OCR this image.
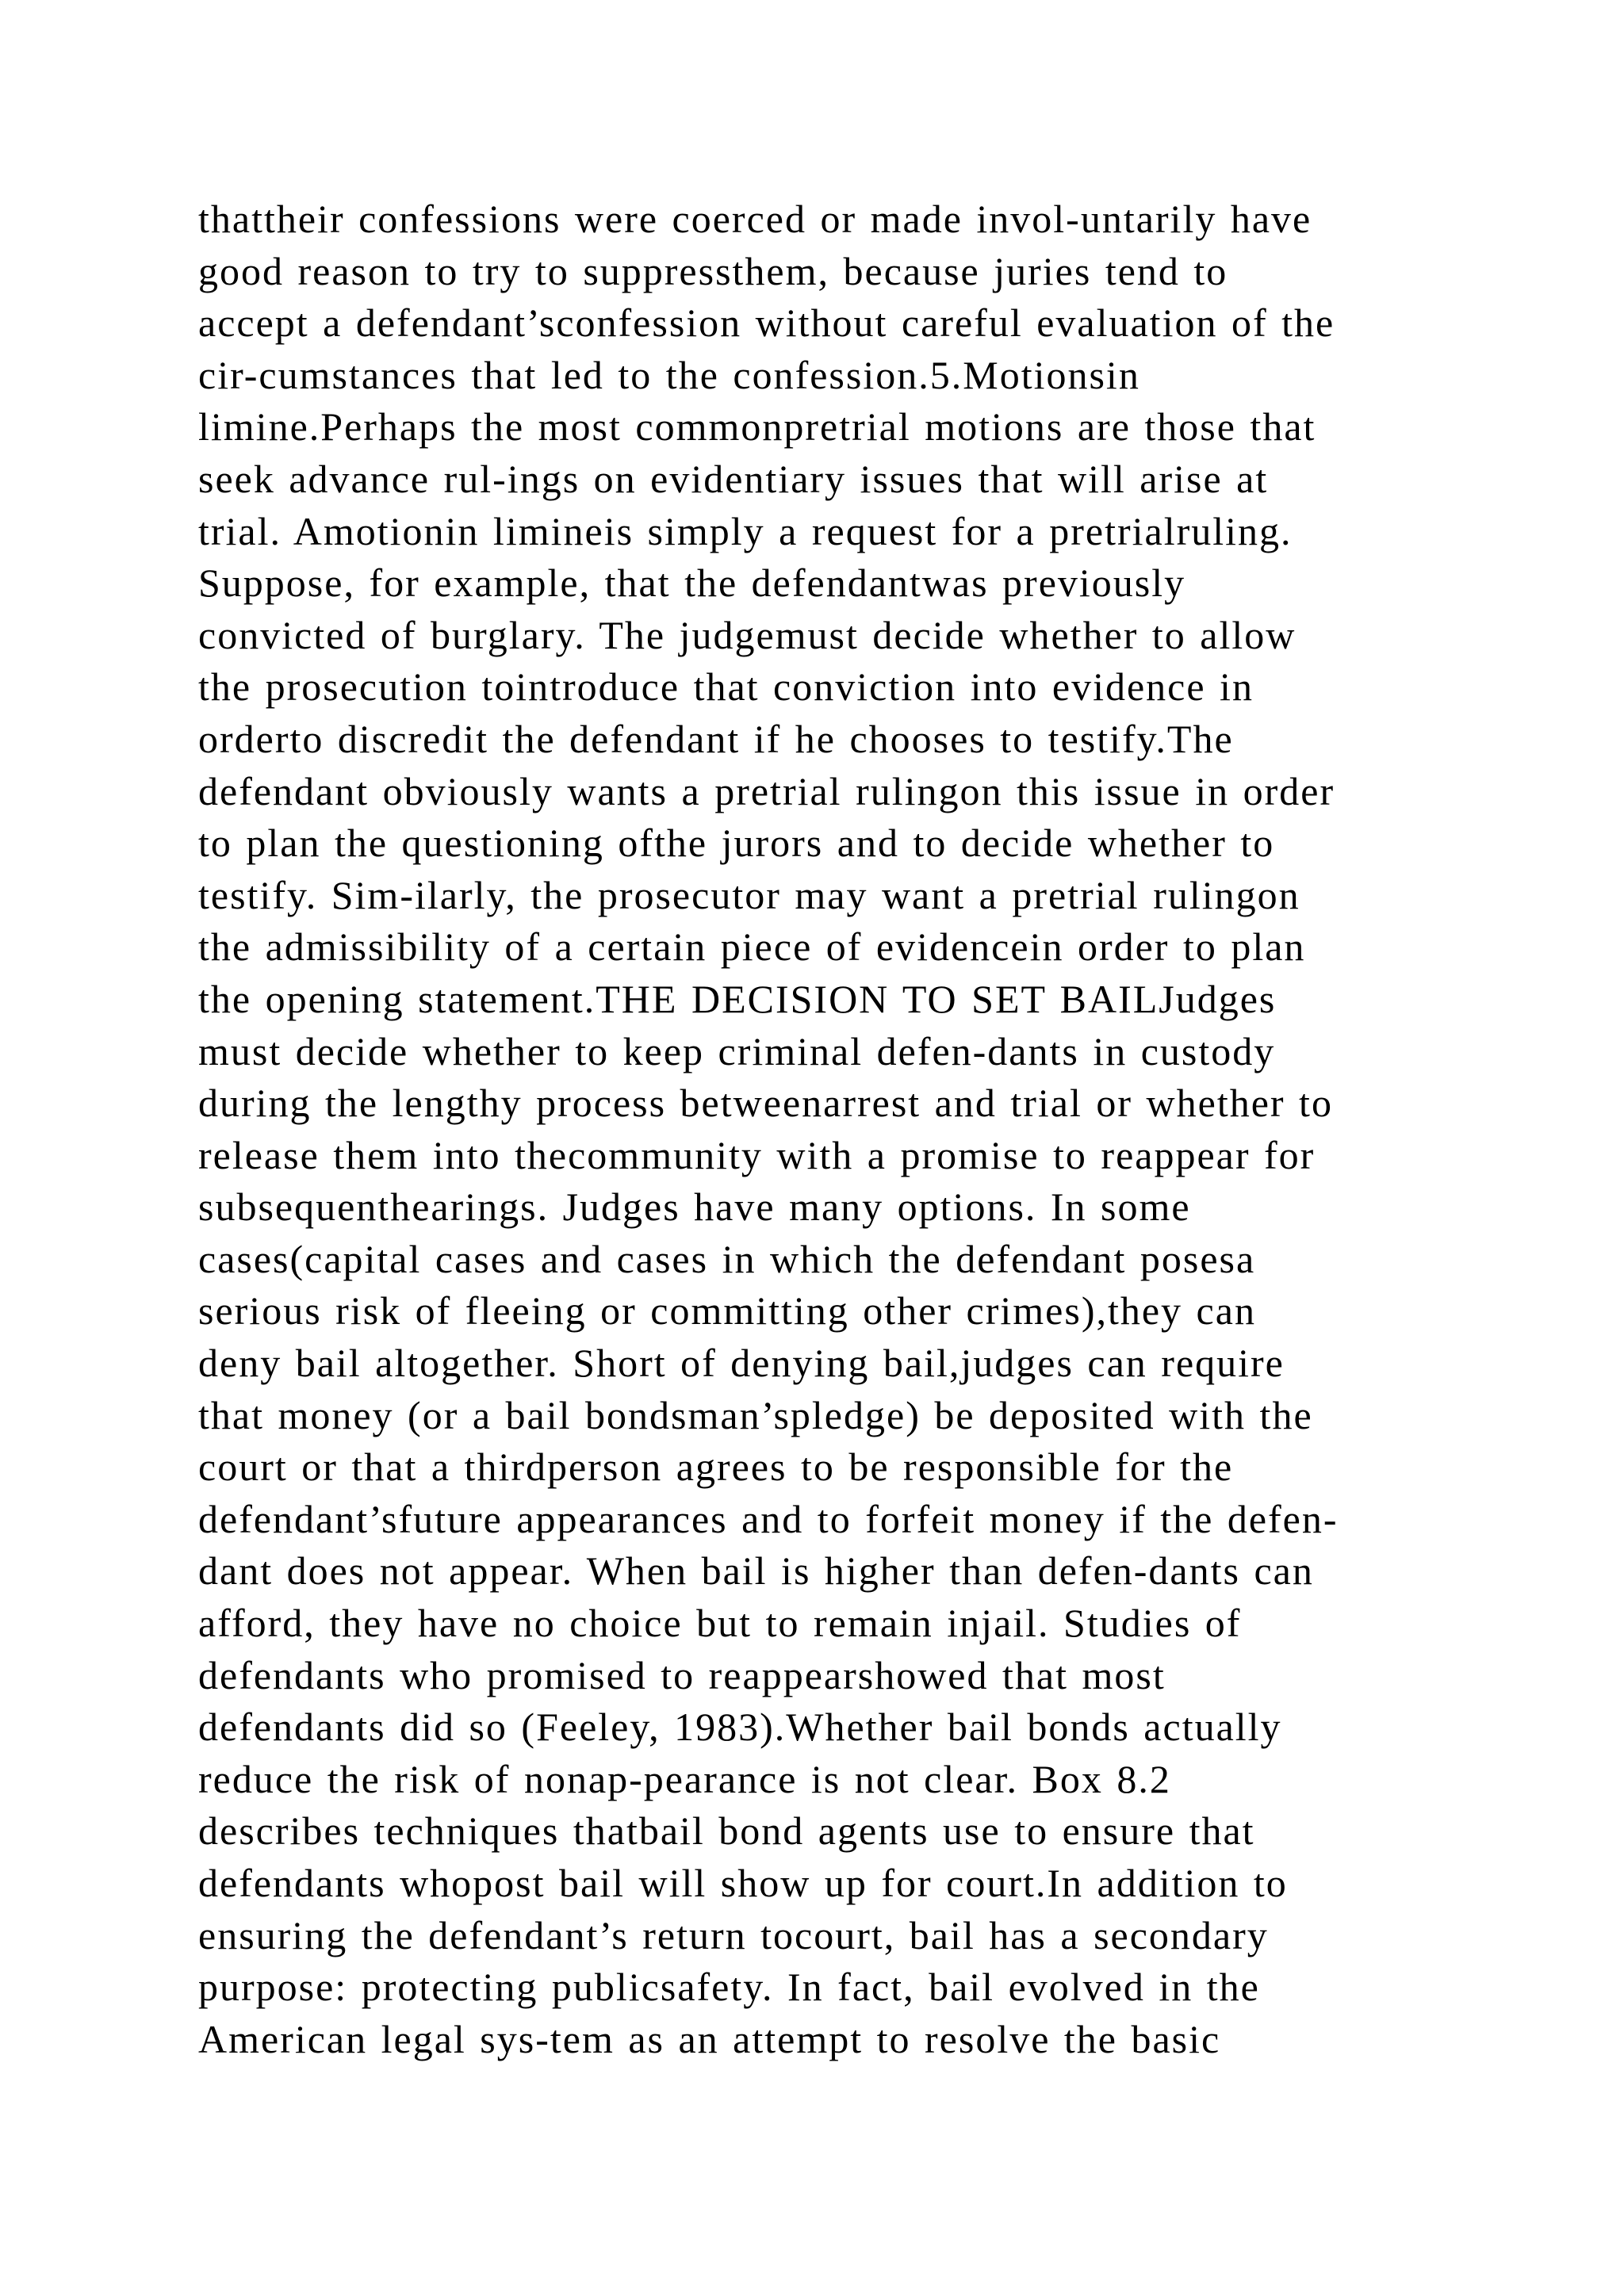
thattheir confessions were coerced or made invol-untarily have
good reason to try to suppressthem, because juries tend to
accept a defendant’sconfession without careful evaluation of the
cir-cumstances that led to the confession.5.Motionsin
limine.Perhaps the most commonpretrial motions are those that
seek advance rul-ings on evidentiary issues that will arise at
trial. Amotionin limineis simply a request for a pretrialruling.
Suppose, for example, that the defendantwas previously
convicted of burglary. The judgemust decide whether to allow
the prosecution tointroduce that conviction into evidence in
orderto discredit the defendant if he chooses to testify.The
defendant obviously wants a pretrial rulingon this issue in order
to plan the questioning ofthe jurors and to decide whether to
testify. Sim-ilarly, the prosecutor may want a pretrial rulingon
the admissibility of a certain piece of evidencein order to plan
the opening statement.THE DECISION TO SET BAILJudges
must decide whether to keep criminal defen-dants in custody
during the lengthy process betweenarrest and trial or whether to
release them into thecommunity with a promise to reappear for
subsequenthearings. Judges have many options. In some
cases(capital cases and cases in which the defendant posesa
serious risk of fleeing or committing other crimes),they can
deny bail altogether. Short of denying bail,judges can require
that money (or a bail bondsman’spledge) be deposited with the
court or that a thirdperson agrees to be responsible for the
defendant’sfuture appearances and to forfeit money if the defen-
dant does not appear. When bail is higher than defen-dants can
afford, they have no choice but to remain injail. Studies of
defendants who promised to reappearshowed that most
defendants did so (Feeley, 1983).Whether bail bonds actually
reduce the risk of nonap-pearance is not clear. Box 8.2
describes techniques thatbail bond agents use to ensure that
defendants whopost bail will show up for court.In addition to
ensuring the defendant’s return tocourt, bail has a secondary
purpose: protecting publicsafety. In fact, bail evolved in the
American legal sys-tem as an attempt to resolve the basic
